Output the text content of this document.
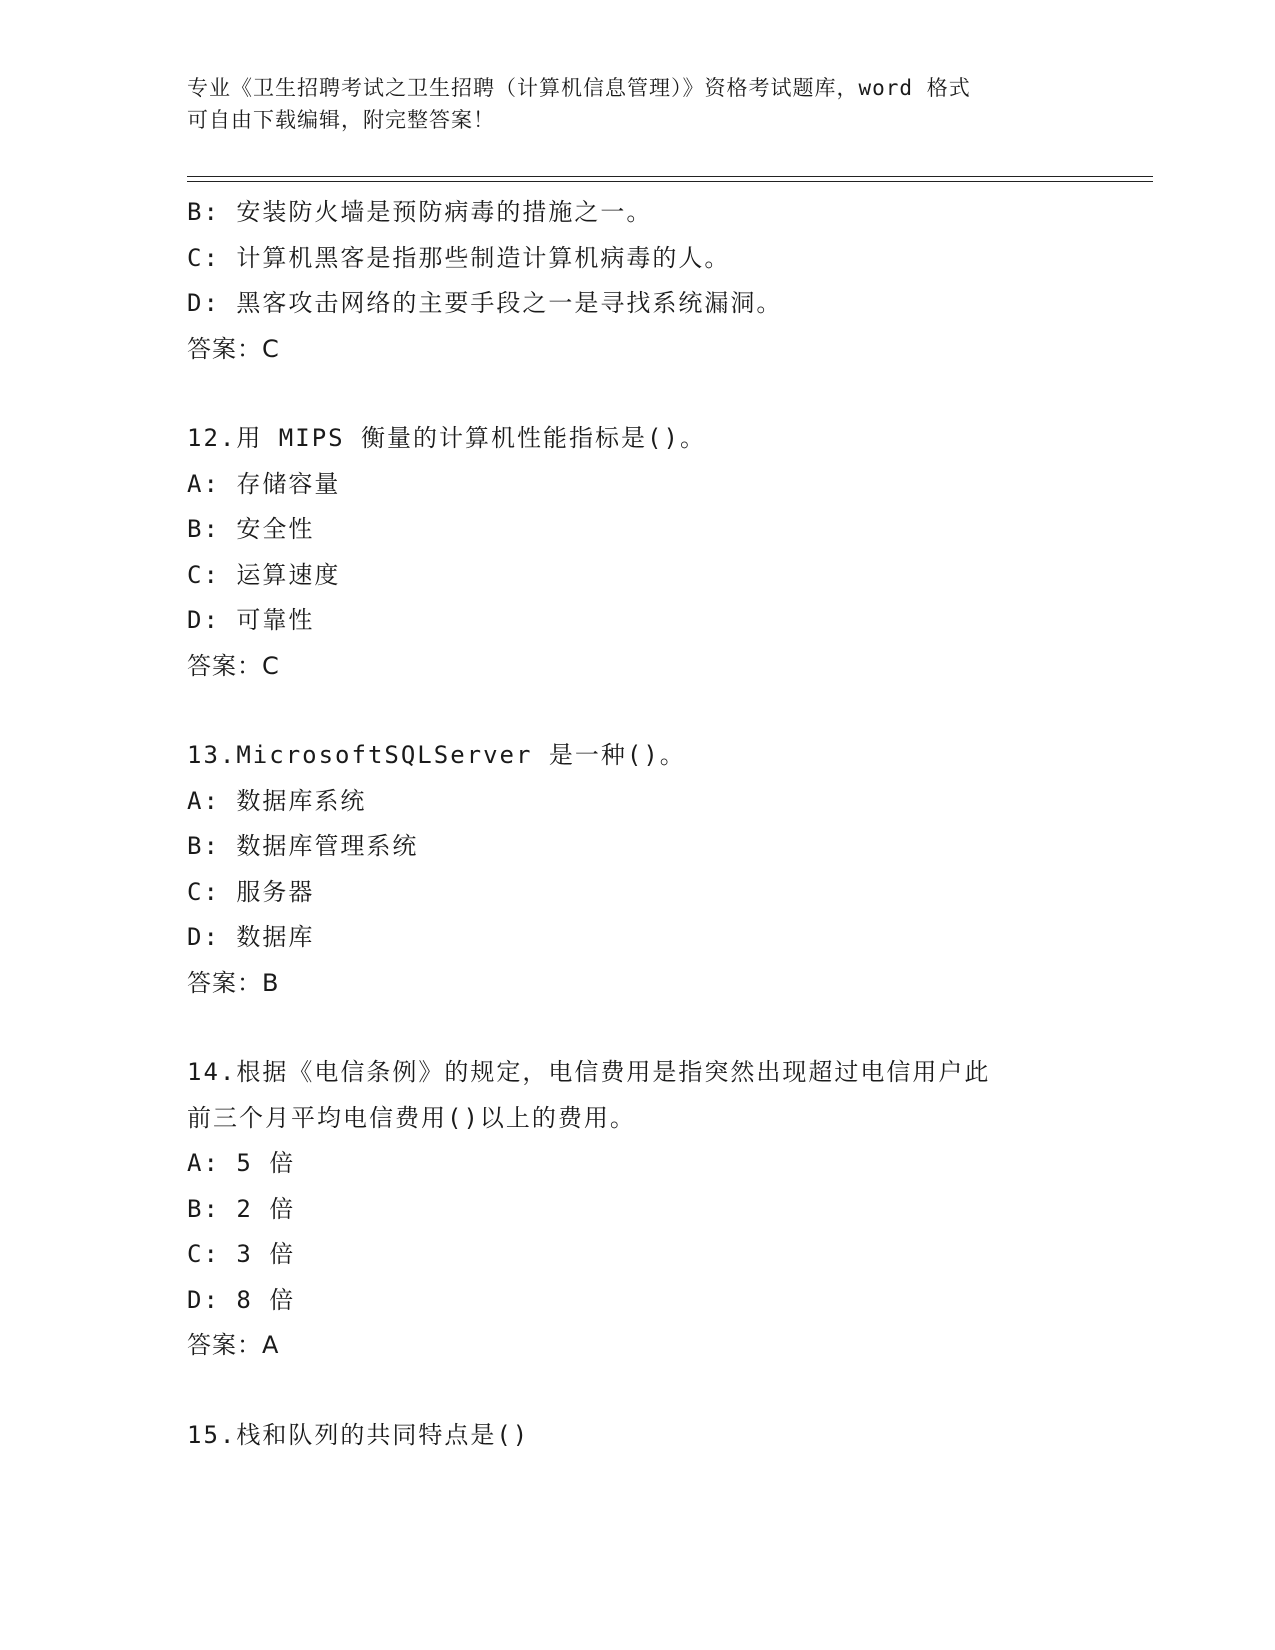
专业《卫生招聘考试之卫生招聘（计算机信息管理）》资格考试题库，word 格式
可自由下载编辑，附完整答案！
B: 安装防火墙是预防病毒的措施之一。
C: 计算机黑客是指那些制造计算机病毒的人。
D: 黑客攻击网络的主要手段之一是寻找系统漏洞。
答案：C
12.用 MIPS 衡量的计算机性能指标是()。
A: 存储容量
B: 安全性
C: 运算速度
D: 可靠性
答案：C
13.MicrosoftSQLServer 是一种()。
A: 数据库系统
B: 数据库管理系统
C: 服务器
D: 数据库
答案：B
14.根据《电信条例》的规定，电信费用是指突然出现超过电信用户此
前三个月平均电信费用()以上的费用。
A: 5 倍
B: 2 倍
C: 3 倍
D: 8 倍
答案：A
15.栈和队列的共同特点是()
